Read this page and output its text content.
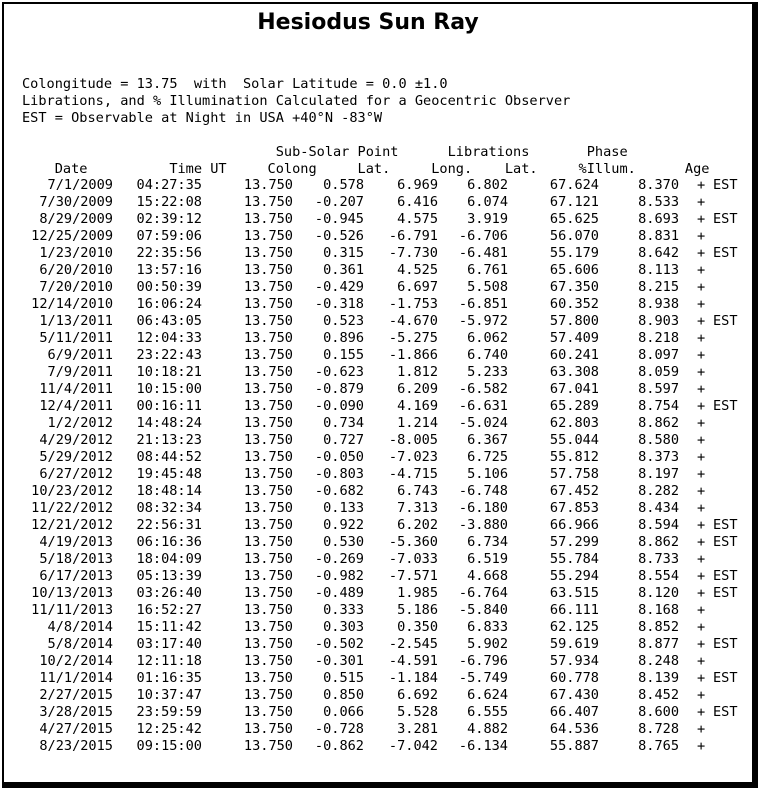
Hesiodus Sun Ray
Colongitude = 13.75  with  Solar Latitude = 0.0 ±1.0
Librations, and % Illumination Calculated for a Geocentric Observer
EST = Observable at Night in USA +40°N -83°W
Sub-Solar Point      Librations       Phase
Date          Time UT     Colong     Lat.     Long.    Lat.     %Illum.      Age
7/1/2009 04:27:35	13.750 0.578 6.969 6.802	67.624	8.370 + EST
7/30/2009 15:22:08	13.750 -0.207 6.416 6.074	67.121	8.533 +
8/29/2009 02:39:12	13.750 -0.945 4.575 3.919	65.625	8.693 + EST
12/25/2009 07:59:06	13.750 -0.526 -6.791 -6.706	56.070	8.831 +
1/23/2010 22:35:56	13.750 0.315 -7.730 -6.481	55.179	8.642 + EST
6/20/2010 13:57:16	13.750 0.361 4.525 6.761	65.606	8.113 +
7/20/2010 00:50:39	13.750 -0.429 6.697 5.508	67.350	8.215 +
12/14/2010 16:06:24	13.750 -0.318 -1.753 -6.851	60.352	8.938 +
1/13/2011 06:43:05	13.750 0.523 -4.670 -5.972	57.800	8.903 + EST
5/11/2011 12:04:33	13.750 0.896 -5.275 6.062	57.409	8.218 +
6/9/2011 23:22:43	13.750 0.155 -1.866 6.740	60.241	8.097 +
7/9/2011 10:18:21	13.750 -0.623 1.812 5.233	63.308	8.059 +
11/4/2011 10:15:00	13.750 -0.879 6.209 -6.582	67.041	8.597 +
12/4/2011 00:16:11	13.750 -0.090 4.169 -6.631	65.289	8.754 + EST
1/2/2012 14:48:24	13.750 0.734 1.214 -5.024	62.803	8.862 +
4/29/2012 21:13:23	13.750 0.727 -8.005 6.367	55.044	8.580 +
5/29/2012 08:44:52	13.750 -0.050 -7.023 6.725	55.812	8.373 +
6/27/2012 19:45:48	13.750 -0.803 -4.715 5.106	57.758	8.197 +
10/23/2012 18:48:14	13.750 -0.682 6.743 -6.748	67.452	8.282 +
11/22/2012 08:32:34	13.750 0.133 7.313 -6.180	67.853	8.434 +
12/21/2012 22:56:31	13.750 0.922 6.202 -3.880	66.966	8.594 + EST
4/19/2013 06:16:36	13.750 0.530 -5.360 6.734	57.299	8.862 + EST
5/18/2013 18:04:09	13.750 -0.269 -7.033 6.519	55.784	8.733 +
6/17/2013 05:13:39	13.750 -0.982 -7.571 4.668	55.294	8.554 + EST
10/13/2013 03:26:40	13.750 -0.489 1.985 -6.764	63.515	8.120 + EST
11/11/2013 16:52:27	13.750 0.333 5.186 -5.840	66.111	8.168 +
4/8/2014 15:11:42	13.750 0.303 0.350 6.833	62.125	8.852 +
5/8/2014 03:17:40	13.750 -0.502 -2.545 5.902	59.619	8.877 + EST
10/2/2014 12:11:18	13.750 -0.301 -4.591 -6.796	57.934	8.248 +
11/1/2014 01:16:35	13.750 0.515 -1.184 -5.749	60.778	8.139 + EST
2/27/2015 10:37:47	13.750 0.850 6.692 6.624	67.430	8.452 +
3/28/2015 23:59:59	13.750 0.066 5.528 6.555	66.407	8.600 + EST
4/27/2015 12:25:42	13.750 -0.728 3.281 4.882	64.536	8.728 +
8/23/2015 09:15:00	13.750 -0.862 -7.042 -6.134	55.887	8.765 +
